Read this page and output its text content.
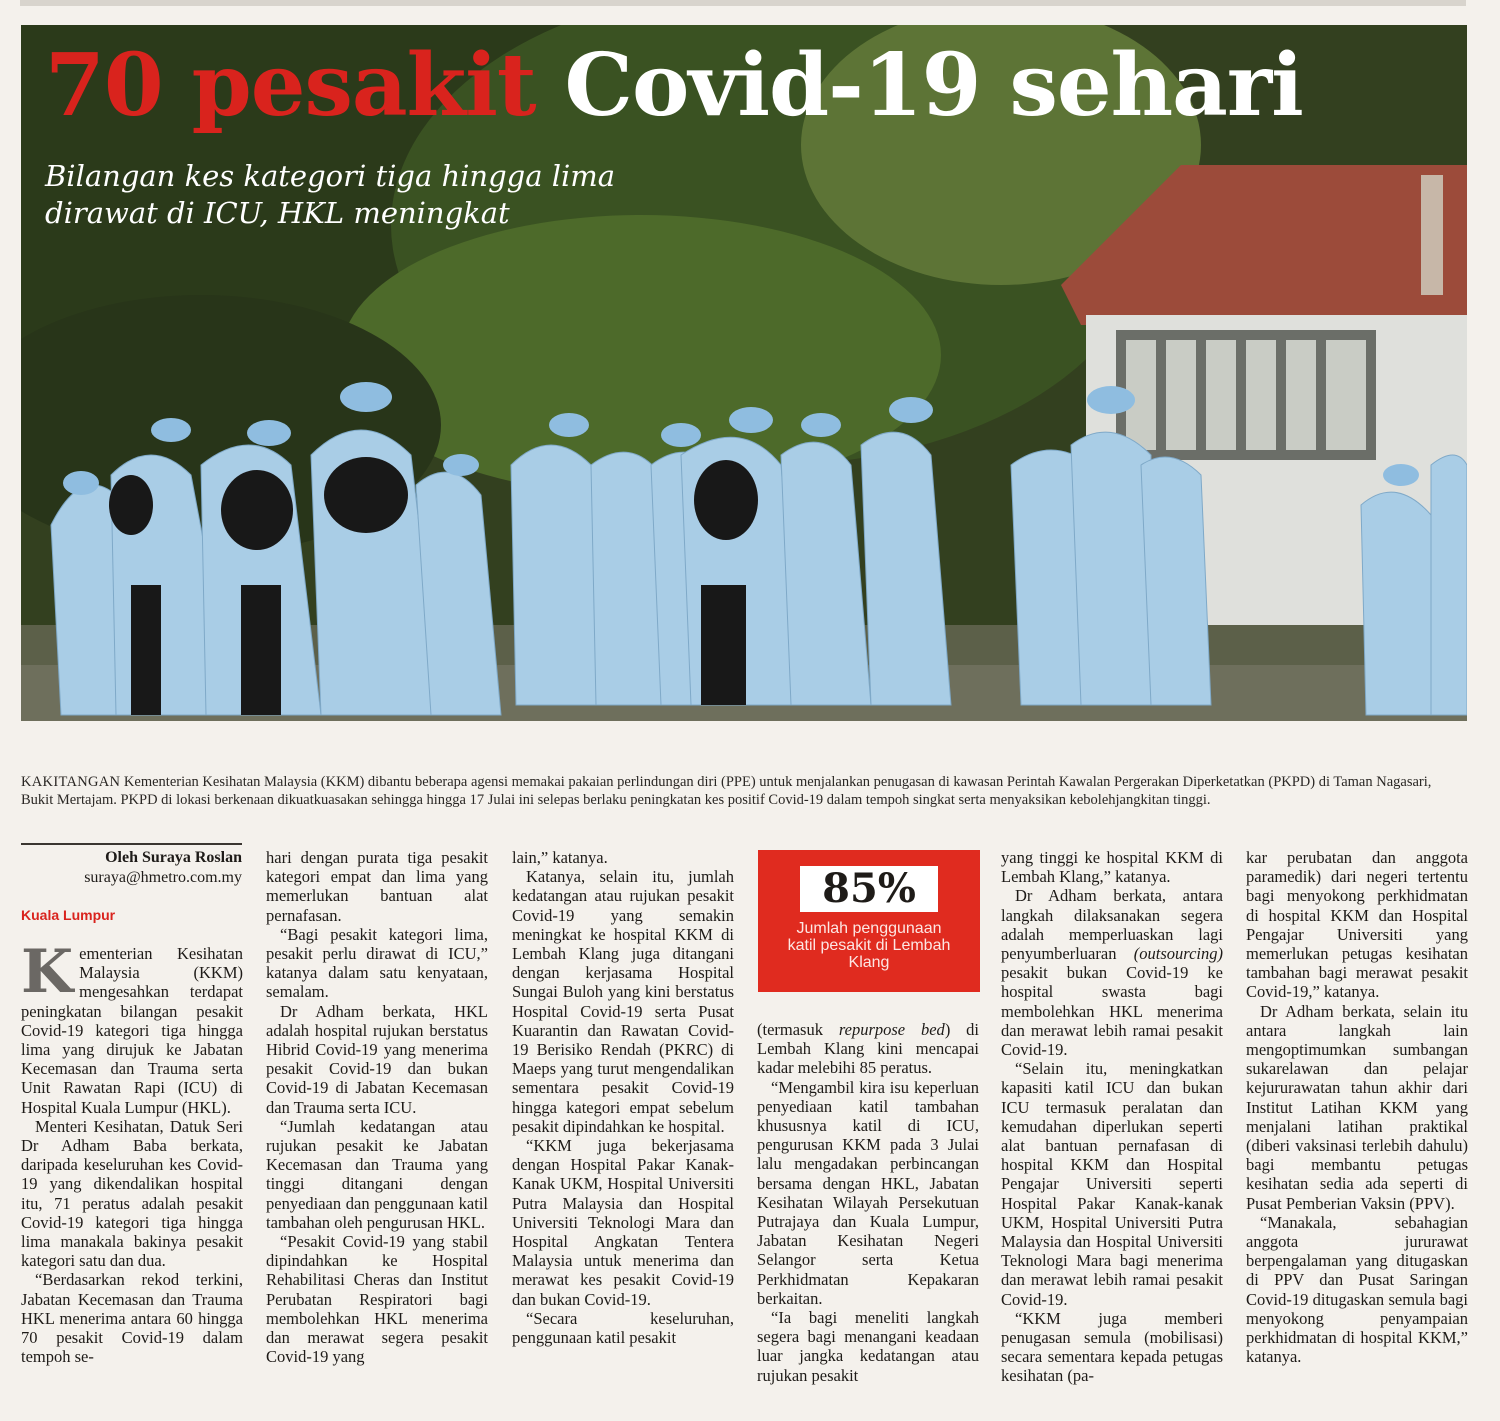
70 pesakit Covid-19 sehari

Bilangan kes kategori tiga hingga lima dirawat di ICU, HKL meningkat

KAKITANGAN Kementerian Kesihatan Malaysia (KKM) dibantu beberapa agensi memakai pakaian perlindungan diri (PPE) untuk menjalankan penugasan di kawasan Perintah Kawalan Pergerakan Diperketatkan (PKPD) di Taman Nagasari, Bukit Mertajam. PKPD di lokasi berkenaan dikuatkuasakan sehingga hingga 17 Julai ini selepas berlaku peningkatan kes positif Covid-19 dalam tempoh singkat serta menyaksikan kebolehjangkitan tinggi.

Oleh Suraya Roslan
suraya@hmetro.com.my
Kuala Lumpur

Kementerian Kesihatan Malaysia (KKM) mengesahkan terdapat peningkatan bilangan pesakit Covid-19 kategori tiga hingga lima yang dirujuk ke Jabatan Kecemasan dan Trauma serta Unit Rawatan Rapi (ICU) di Hospital Kuala Lumpur (HKL).

Menteri Kesihatan, Datuk Seri Dr Adham Baba berkata, daripada keseluruhan kes Covid-19 yang dikendalikan hospital itu, 71 peratus adalah pesakit Covid-19 kategori tiga hingga lima manakala bakinya pesakit kategori satu dan dua.

“Berdasarkan rekod terkini, Jabatan Kecemasan dan Trauma HKL menerima antara 60 hingga 70 pesakit Covid-19 dalam tempoh se-

hari dengan purata tiga pesakit kategori empat dan lima yang memerlukan bantuan alat pernafasan.

“Bagi pesakit kategori lima, pesakit perlu dirawat di ICU,” katanya dalam satu kenyataan, semalam.

Dr Adham berkata, HKL adalah hospital rujukan berstatus Hibrid Covid-19 yang menerima pesakit Covid-19 dan bukan Covid-19 di Jabatan Kecemasan dan Trauma serta ICU.

“Jumlah kedatangan atau rujukan pesakit ke Jabatan Kecemasan dan Trauma yang tinggi ditangani dengan penyediaan dan penggunaan katil tambahan oleh pengurusan HKL.

“Pesakit Covid-19 yang stabil dipindahkan ke Hospital Rehabilitasi Cheras dan Institut Perubatan Respiratori bagi membolehkan HKL menerima dan merawat segera pesakit Covid-19 yang

lain,” katanya.

Katanya, selain itu, jumlah kedatangan atau rujukan pesakit Covid-19 yang semakin meningkat ke hospital KKM di Lembah Klang juga ditangani dengan kerjasama Hospital Sungai Buloh yang kini berstatus Hospital Covid-19 serta Pusat Kuarantin dan Rawatan Covid-19 Berisiko Rendah (PKRC) di Maeps yang turut mengendalikan sementara pesakit Covid-19 hingga kategori empat sebelum pesakit dipindahkan ke hospital.

“KKM juga bekerjasama dengan Hospital Pakar Kanak-Kanak UKM, Hospital Universiti Putra Malaysia dan Hospital Universiti Teknologi Mara dan Hospital Angkatan Tentera Malaysia untuk menerima dan merawat kes pesakit Covid-19 dan bukan Covid-19.

“Secara keseluruhan, penggunaan katil pesakit

85%
Jumlah penggunaan katil pesakit di Lembah Klang

(termasuk repurpose bed) di Lembah Klang kini mencapai kadar melebihi 85 peratus.

“Mengambil kira isu keperluan penyediaan katil tambahan khususnya katil di ICU, pengurusan KKM pada 3 Julai lalu mengadakan perbincangan bersama dengan HKL, Jabatan Kesihatan Wilayah Persekutuan Putrajaya dan Kuala Lumpur, Jabatan Kesihatan Negeri Selangor serta Ketua Perkhidmatan Kepakaran berkaitan.

“Ia bagi meneliti langkah segera bagi menangani keadaan luar jangka kedatangan atau rujukan pesakit

yang tinggi ke hospital KKM di Lembah Klang,” katanya.

Dr Adham berkata, antara langkah dilaksanakan segera adalah memperluaskan lagi penyumberluaran (outsourcing) pesakit bukan Covid-19 ke hospital swasta bagi membolehkan HKL menerima dan merawat lebih ramai pesakit Covid-19.

“Selain itu, meningkatkan kapasiti katil ICU dan bukan ICU termasuk peralatan dan kemudahan diperlukan seperti alat bantuan pernafasan di hospital KKM dan Hospital Pengajar Universiti seperti Hospital Pakar Kanak-kanak UKM, Hospital Universiti Putra Malaysia dan Hospital Universiti Teknologi Mara bagi menerima dan merawat lebih ramai pesakit Covid-19.

“KKM juga memberi penugasan semula (mobilisasi) secara sementara kepada petugas kesihatan (pa-

kar perubatan dan anggota paramedik) dari negeri tertentu bagi menyokong perkhidmatan di hospital KKM dan Hospital Pengajar Universiti yang memerlukan petugas kesihatan tambahan bagi merawat pesakit Covid-19,” katanya.

Dr Adham berkata, selain itu antara langkah lain mengoptimumkan sumbangan sukarelawan dan pelajar kejururawatan tahun akhir dari Institut Latihan KKM yang menjalani latihan praktikal (diberi vaksinasi terlebih dahulu) bagi membantu petugas kesihatan sedia ada seperti di Pusat Pemberian Vaksin (PPV).

“Manakala, sebahagian anggota jururawat berpengalaman yang ditugaskan di PPV dan Pusat Saringan Covid-19 ditugaskan semula bagi menyokong penyampaian perkhidmatan di hospital KKM,” katanya.
